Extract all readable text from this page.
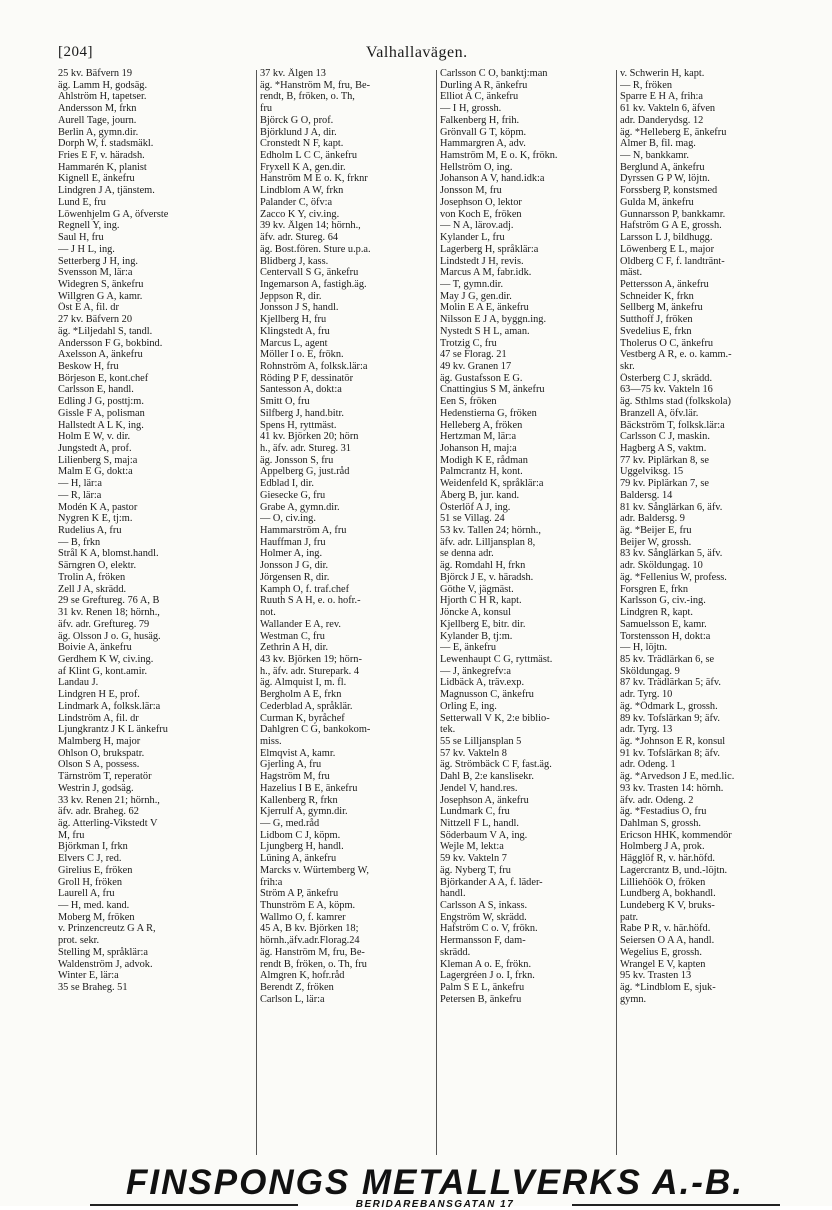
[204]	Valhallavägen.
25 kv. Bäfvern 19
äg. Lamm H, godsäg.
Ahlström H, tapetser.
Andersson M, frkn
Aurell Tage, journ.
Berlin A, gymn.dir.
Dorph W, f. stadsmäkl.
Fries E F, v. häradsh.
Hammarén K, planist
Kignell E, änkefru
Lindgren J A, tjänstem.
Lund E, fru
Löwenhjelm G A, öfverste
Regnell Y, ing.
Saul H, fru
— J H L, ing.
Setterberg J H, ing.
Svensson M, lär:a
Widegren S, änkefru
Willgren G A, kamr.
Öst E A, fil. dr
27 kv. Bäfvern 20
äg. *Liljedahl S, tandl.
Andersson F G, bokbind.
Axelsson A, änkefru
Beskow H, fru
Börjeson E, kont.chef
Carlsson E, handl.
Edling J G, posttj:m.
Gissle F A, polisman
Hallstedt A L K, ing.
Holm E W, v. dir.
Jungstedt A, prof.
Lilienberg S, maj:a
Malm E G, dokt:a
— H, lär:a
— R, lär:a
Modén K A, pastor
Nygren K E, tj:m.
Rudelius A, fru
— B, frkn
Strål K A, blomst.handl.
Särngren O, elektr.
Trolin A, fröken
Zell J A, skrädd.
29 se Greftureg. 76 A, B
31 kv. Renen 18; hörnh.,
äfv. adr. Greftureg. 79
äg. Olsson J o. G, husäg.
Boivie A, änkefru
Gerdhem K W, civ.ing.
af Klint G, kont.amir.
Landau J.
Lindgren H E, prof.
Lindmark A, folksk.lär:a
Lindström A, fil. dr
Ljungkrantz J K L änkefru
Malmberg H, major
Ohlson O, brukspatr.
Olson S A, possess.
Tärnström T, reperatör
Westrin J, godsäg.
33 kv. Renen 21; hörnh.,
äfv. adr. Braheg. 62
äg. Atterling-Vikstedt V
M, fru
Björkman I, frkn
Elvers C J, red.
Girelius E, fröken
Groll H, fröken
Laurell A, fru
— H, med. kand.
Moberg M, fröken
v. Prinzencreutz G A R,
prot. sekr.
Stelling M, språklär:a
Waldenström J, advok.
Winter E, lär:a
35 se Braheg. 51
37 kv. Älgen 13
äg. *Hanström M, fru, Be-
rendt, B, fröken, o. Th,
fru
Björck G O, prof.
Björklund J A, dir.
Cronstedt N F, kapt.
Edholm L C C, änkefru
Fryxell K A, gen.dir.
Hanström M E o. K, frknr
Lindblom A W, frkn
Palander C, öfv:a
Zacco K Y, civ.ing.
39 kv. Älgen 14; hörnh.,
äfv. adr. Stureg. 64
äg. Bost.fören. Sture u.p.a.
Blidberg J, kass.
Centervall S G, änkefru
Ingemarson A, fastigh.äg.
Jeppson R, dir.
Jonsson J S, handl.
Kjellberg H, fru
Klingstedt A, fru
Marcus L, agent
Möller I o. E, frökn.
Rohnström A, folksk.lär:a
Röding P F, dessinatör
Santesson A, dokt:a
Smitt O, fru
Silfberg J, hand.bitr.
Spens H, ryttmäst.
41 kv. Björken 20; hörn
h., äfv. adr. Stureg. 31
äg. Jonsson S, fru
Appelberg G, just.råd
Edblad I, dir.
Giesecke G, fru
Grabe A, gymn.dir.
— O, civ.ing.
Hammarström A, fru
Hauffman J, fru
Holmer A, ing.
Jonsson J G, dir.
Jörgensen R, dir.
Kamph O, f. traf.chef
Ruuth S A H, e. o. hofr.-
not.
Wallander E A, rev.
Westman C, fru
Zethrin A H, dir.
43 kv. Björken 19; hörn-
h., äfv. adr. Sturepark. 4
äg. Almquist I, m. fl.
Bergholm A E, frkn
Cederblad A, språklär.
Curman K, byråchef
Dahlgren C G, bankokom-
miss.
Elmqvist A, kamr.
Gjerling A, fru
Hagström M, fru
Hazelius I B E, änkefru
Kallenberg R, frkn
Kjerrulf A, gymn.dir.
— G, med.råd
Lidbom C J, köpm.
Ljungberg H, handl.
Lüning A, änkefru
Marcks v. Würtemberg W,
frih:a
Ström A P, änkefru
Thunström E A, köpm.
Wallmo O, f. kamrer
45 A, B kv. Björken 18;
hörnh.,äfv.adr.Florag.24
äg. Hanström M, fru, Be-
rendt B, fröken, o. Th, fru
Almgren K, hofr.råd
Berendt Z, fröken
Carlson L, lär:a
Carlsson C O, banktj:man
Durling A R, änkefru
Elliot A C, änkefru
— I H, grossh.
Falkenberg H, frih.
Grönvall G T, köpm.
Hammargren A, adv.
Hamström M, E o. K, frökn.
Hellström O, ing.
Johanson A V, hand.idk:a
Jonsson M, fru
Josephson O, lektor
von Koch E, fröken
— N A, lärov.adj.
Kylander L, fru
Lagerberg H, språklär:a
Lindstedt J H, revis.
Marcus A M, fabr.idk.
— T, gymn.dir.
May J G, gen.dir.
Molin E A E, änkefru
Nilsson E J A, byggn.ing.
Nystedt S H L, aman.
Trotzig C, fru
47 se Florag. 21
49 kv. Granen 17
äg. Gustafsson E G.
Cnattingius S M, änkefru
Een S, fröken
Hedenstierna G, fröken
Helleberg A, fröken
Hertzman M, lär:a
Johanson H, maj:a
Modigh K E, rådman
Palmcrantz H, kont.
Weidenfeld K, språklär:a
Åberg B, jur. kand.
Österlöf A J, ing.
51 se Villag. 24
53 kv. Tallen 24; hörnh.,
äfv. adr. Lilljansplan 8,
se denna adr.
äg. Romdahl H, frkn
Björck J E, v. häradsh.
Göthe V, jägmäst.
Hjorth C H R, kapt.
Jöncke A, konsul
Kjellberg E, bitr. dir.
Kylander B, tj:m.
— E, änkefru
Lewenhaupt C G, ryttmäst.
— J, änkegrefv:a
Lidbäck A, träv.exp.
Magnusson C, änkefru
Orling E, ing.
Setterwall V K, 2:e biblio-
tek.
55 se Lilljansplan 5
57 kv. Vakteln 8
äg. Strömbäck C F, fast.äg.
Dahl B, 2:e kanslisekr.
Jendel V, hand.res.
Josephson A, änkefru
Lundmark C, fru
Nittzell F L, handl.
Söderbaum V A, ing.
Wejle M, lekt:a
59 kv. Vakteln 7
äg. Nyberg T, fru
Björkander A A, f. läder-
handl.
Carlsson A S, inkass.
Engström W, skrädd.
Hafström C o. V, frökn.
Hermansson F, dam-
skrädd.
Kleman A o. E, frökn.
Lagergréen J o. I, frkn.
Palm S E L, änkefru
Petersen B, änkefru
v. Schwerin H, kapt.
— R, fröken
Sparre E H A, frih:a
61 kv. Vakteln 6, äfven
adr. Danderydsg. 12
äg. *Helleberg E, änkefru
Almer B, fil. mag.
— N, bankkamr.
Berglund A, änkefru
Dyrssen G P W, löjtn.
Forssberg P, konstsmed
Gulda M, änkefru
Gunnarsson P, bankkamr.
Hafström G A E, grossh.
Larsson L J, bildhugg.
Löwenberg E L, major
Oldberg C F, f. landtränt-
mäst.
Pettersson A, änkefru
Schneider K, frkn
Sellberg M, änkefru
Sutthoff J, fröken
Svedelius E, frkn
Tholerus O C, änkefru
Vestberg A R, e. o. kamm.-
skr.
Österberg C J, skrädd.
63—75 kv. Vakteln 16
äg. Sthlms stad (folkskola)
Branzell A, öfv.lär.
Bäckström T, folksk.lär:a
Carlsson C J, maskin.
Hagberg A S, vaktm.
77 kv. Piplärkan 8, se
Uggelviksg. 15
79 kv. Piplärkan 7, se
Baldersg. 14
81 kv. Sånglärkan 6, äfv.
adr. Baldersg. 9
äg. *Beijer E, fru
Beijer W, grossh.
83 kv. Sånglärkan 5, äfv.
adr. Sköldungag. 10
äg. *Fellenius W, profess.
Forsgren E, frkn
Karlsson G, civ.-ing.
Lindgren R, kapt.
Samuelsson E, kamr.
Torstensson H, dokt:a
— H, löjtn.
85 kv. Trädlärkan 6, se
Sköldungag. 9
87 kv. Trädlärkan 5; äfv.
adr. Tyrg. 10
äg. *Ödmark L, grossh.
89 kv. Tofslärkan 9; äfv.
adr. Tyrg. 13
äg. *Johnson E R, konsul
91 kv. Tofslärkan 8; äfv.
adr. Odeng. 1
äg. *Arvedson J E, med.lic.
93 kv. Trasten 14: hörnh.
äfv. adr. Odeng. 2
äg. *Festadius O, fru
Dahlman S, grossh.
Ericson HHK, kommendör
Holmberg J A, prok.
Hägglöf R, v. här.höfd.
Lagercrantz B, und.-löjtn.
Lilliehöök O, fröken
Lundberg A, bokhandl.
Lundeberg K V, bruks-
patr.
Rabe P R, v. här.höfd.
Seiersen O A A, handl.
Wegelius E, grossh.
Wrangel E V, kapten
95 kv. Trasten 13
äg. *Lindblom E, sjuk-
gymn.
FINSPONGS METALLVERKS A.-B.
BERIDAREBANSGATAN 17
